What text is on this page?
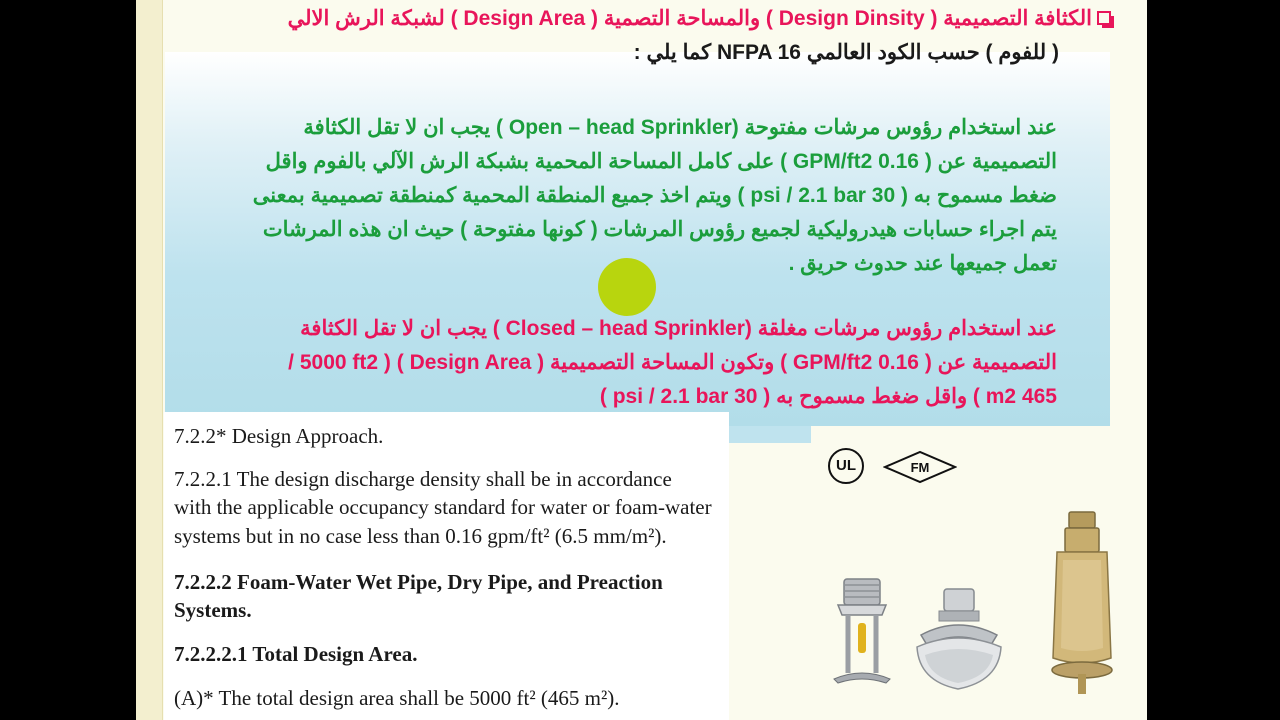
الكثافة التصميمية ( Design Dinsity ) والمساحة التصمية ( Design Area ) لشبكة الرش الالي
( للفوم ) حسب الكود العالمي NFPA 16 كما يلي :
عند استخدام رؤوس مرشات مفتوحة (Open – head Sprinkler ) يجب ان لا تقل الكثافة
التصميمية عن ( 0.16 GPM/ft2 ) على كامل المساحة المحمية بشبكة الرش الآلي بالفوم واقل
ضغط مسموح به ( 30 psi / 2.1 bar ) ويتم اخذ جميع المنطقة المحمية كمنطقة تصميمية بمعنى
يتم اجراء حسابات هيدروليكية لجميع رؤوس المرشات ( كونها مفتوحة ) حيث ان هذه المرشات
تعمل جميعها عند حدوث حريق .
عند استخدام رؤوس مرشات مغلقة (Closed – head Sprinkler ) يجب ان لا تقل الكثافة
التصميمية عن ( 0.16 GPM/ft2 ) وتكون المساحة التصميمية ( Design Area ) ( 5000 ft2 /
465 m2 ) واقل ضغط مسموح به ( 30 psi / 2.1 bar )
7.2.2* Design Approach.
7.2.2.1 The design discharge density shall be in accordance
with the applicable occupancy standard for water or foam-water
systems but in no case less than 0.16 gpm/ft² (6.5 mm/m²).
7.2.2.2 Foam-Water Wet Pipe, Dry Pipe, and Preaction
Systems.
7.2.2.2.1 Total Design Area.
(A)* The total design area shall be 5000 ft² (465 m²).
UL	FM
